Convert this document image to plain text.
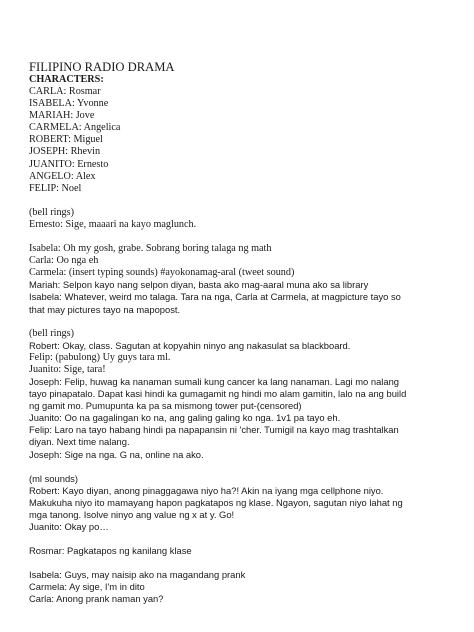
FILIPINO RADIO DRAMA
CHARACTERS:
CARLA: Rosmar
ISABELA: Yvonne
MARIAH: Jove
CARMELA: Angelica
ROBERT: Miguel
JOSEPH: Rhevin
JUANITO: Ernesto
ANGELO: Alex
FELIP: Noel
(bell rings)
Ernesto: Sige, maaari na kayo maglunch.
Isabela: Oh my gosh, grabe. Sobrang boring talaga ng math
Carla: Oo nga eh
Carmela: (insert typing sounds) #ayokonamag-aral (tweet sound)
Mariah: Selpon kayo nang selpon diyan, basta ako mag-aaral muna ako sa library
Isabela: Whatever, weird mo talaga. Tara na nga, Carla at Carmela, at magpicture tayo so
that may pictures tayo na mapopost.
(bell rings)
Robert: Okay, class. Sagutan at kopyahin ninyo ang nakasulat sa blackboard.
Felip: (pabulong) Uy guys tara ml.
Juanito: Sige, tara!
Joseph: Felip, huwag ka nanaman sumali kung cancer ka lang nanaman. Lagi mo nalang
tayo pinapatalo. Dapat kasi hindi ka gumagamit ng hindi mo alam gamitin, lalo na ang build
ng gamit mo. Pumupunta ka pa sa mismong tower put-(censored)
Juanito: Oo na gagalingan ko na, ang galing galing ko nga. 1v1 pa tayo eh.
Felip: Laro na tayo habang hindi pa napapansin ni 'cher. Tumigil na kayo mag trashtalkan
diyan. Next time nalang.
Joseph: Sige na nga. G na, online na ako.
(ml sounds)
Robert: Kayo diyan, anong pinaggagawa niyo ha?! Akin na iyang mga cellphone niyo.
Makukuha niyo ito mamayang hapon pagkatapos ng klase. Ngayon, sagutan niyo lahat ng
mga tanong. Isolve ninyo ang value ng x at y. Go!
Juanito: Okay po…
Rosmar: Pagkatapos ng kanilang klase
Isabela: Guys, may naisip ako na magandang prank
Carmela: Ay sige, I'm in dito
Carla: Anong prank naman yan?
